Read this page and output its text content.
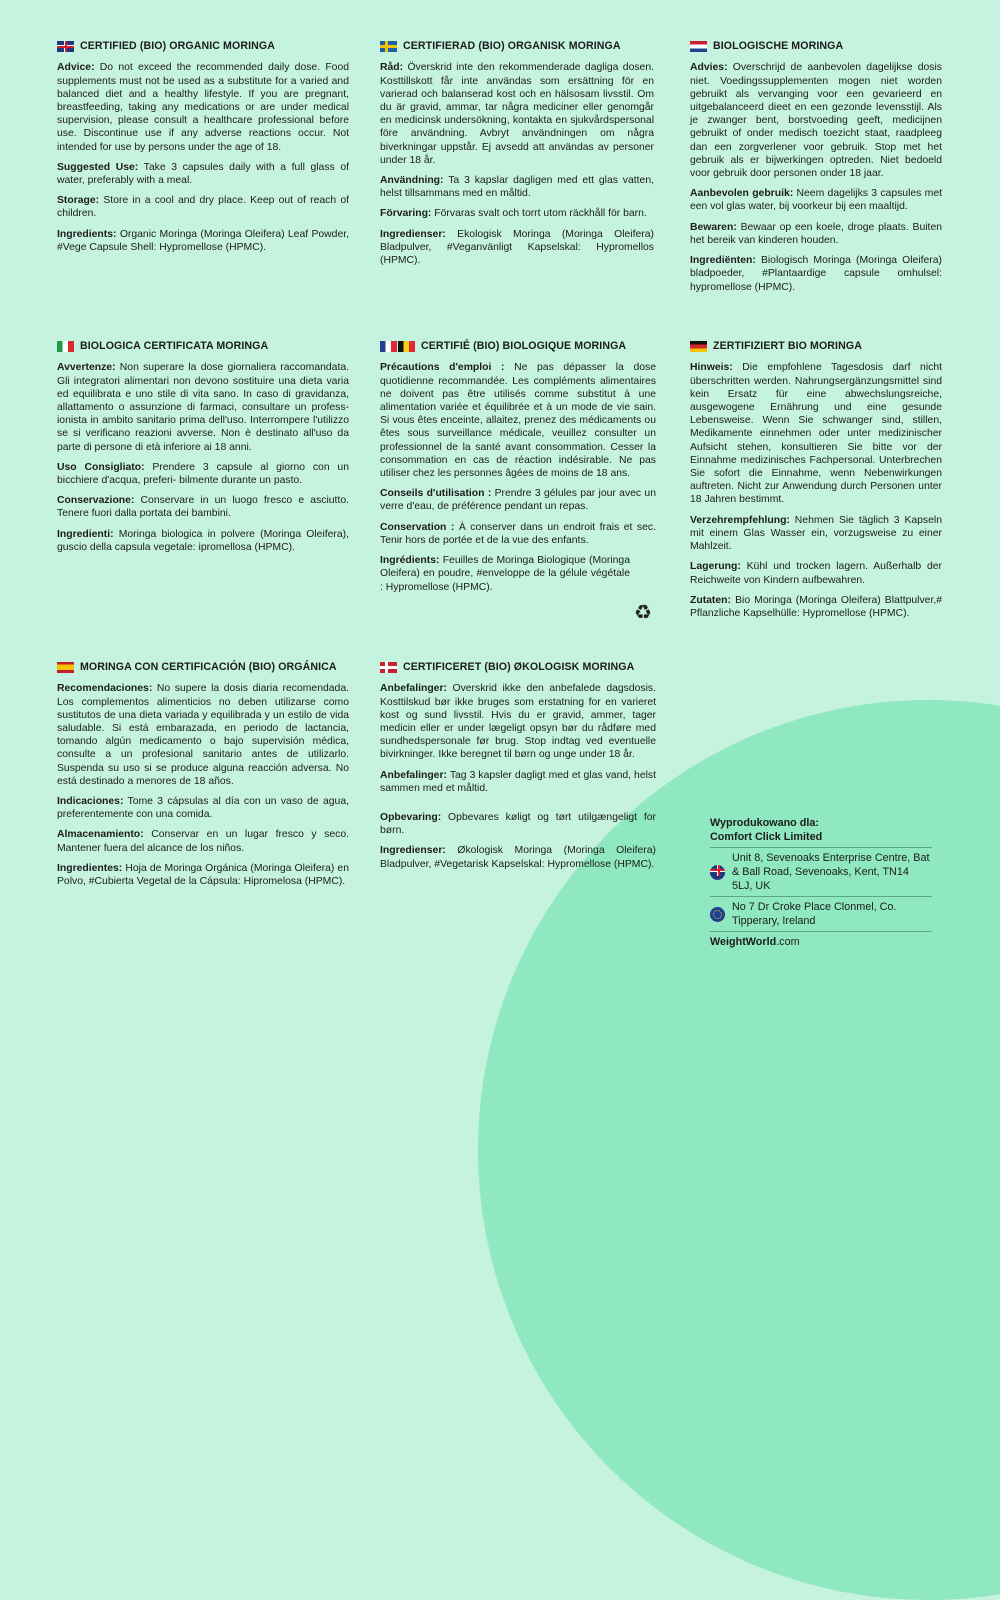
CERTIFIED (BIO) ORGANIC MORINGA

Advice: Do not exceed the recommended daily dose. Food supplements must not be used as a substitute for a varied and balanced diet and a healthy lifestyle. If you are pregnant, breastfeeding, taking any medications or are under medical supervision, please consult a healthcare professional before use. Discontinue use if any adverse reactions occur. Not intended for use by persons under the age of 18.

Suggested Use: Take 3 capsules daily with a full glass of water, preferably with a meal.

Storage: Store in a cool and dry place. Keep out of reach of children.

Ingredients: Organic Moringa (Moringa Oleifera) Leaf Powder, #Vege Capsule Shell: Hypromellose (HPMC).

CERTIFIERAD (BIO) ORGANISK MORINGA

Råd: Överskrid inte den rekommenderade dagliga dosen. Kosttillskott får inte användas som ersättning för en varierad och balanserad kost och en hälsosam livsstil. Om du är gravid, ammar, tar några mediciner eller genomgår en medicinsk undersökning, kontakta en sjukvårdspersonal före användning. Avbryt användningen om några biverkningar uppstår. Ej avsedd att användas av personer under 18 år.

Användning: Ta 3 kapslar dagligen med ett glas vatten, helst tillsammans med en måltid.

Förvaring: Förvaras svalt och torrt utom räckhåll för barn.

Ingredienser: Ekologisk Moringa (Moringa Oleifera) Bladpulver, #Veganvänligt Kapselskal: Hypromellos (HPMC).

BIOLOGISCHE MORINGA

Advies: Overschrijd de aanbevolen dagelijkse dosis niet. Voedingssupplementen mogen niet worden gebruikt als vervanging voor een gevarieerd en uitgebalanceerd dieet en een gezonde levensstijl. Als je zwanger bent, borstvoeding geeft, medicijnen gebruikt of onder medisch toezicht staat, raadpleeg dan een zorgverlener voor gebruik. Stop met het gebruik als er bijwerkingen optreden. Niet bedoeld voor gebruik door personen onder 18 jaar.

Aanbevolen gebruik: Neem dagelijks 3 capsules met een vol glas water, bij voorkeur bij een maaltijd.

Bewaren: Bewaar op een koele, droge plaats. Buiten het bereik van kinderen houden.

Ingrediënten: Biologisch Moringa (Moringa Oleifera) bladpoeder, #Plantaardige capsule omhulsel: hypromellose (HPMC).

BIOLOGICA CERTIFICATA MORINGA

Avvertenze: Non superare la dose giornaliera raccomandata. Gli integratori alimentari non devono sostituire una dieta varia ed equilibrata e uno stile di vita sano. In caso di gravidanza, allattamento o assunzione di farmaci, consultare un profess- ionista in ambito sanitario prima dell'uso. Interrompere l'utilizzo se si verificano reazioni avverse. Non è destinato all'uso da parte di persone di età inferiore ai 18 anni.

Uso Consigliato: Prendere 3 capsule al giorno con un bicchiere d'acqua, preferi- bilmente durante un pasto.

Conservazione: Conservare in un luogo fresco e asciutto. Tenere fuori dalla portata dei bambini.

Ingredienti: Moringa biologica in polvere (Moringa Oleifera), guscio della capsula vegetale: ipromellosa (HPMC).

CERTIFIÉ (BIO) BIOLOGIQUE MORINGA

Précautions d'emploi : Ne pas dépasser la dose quotidienne recommandée. Les compléments alimentaires ne doivent pas être utilisés comme substitut à une alimentation variée et équilibrée et à un mode de vie sain. Si vous êtes enceinte, allaitez, prenez des médicaments ou êtes sous surveillance médicale, veuillez consulter un professionnel de la santé avant consommation. Cesser la consommation en cas de réaction indésirable. Ne pas utiliser chez les personnes âgées de moins de 18 ans.

Conseils d'utilisation : Prendre 3 gélules par jour avec un verre d'eau, de préférence pendant un repas.

Conservation : À conserver dans un endroit frais et sec. Tenir hors de portée et de la vue des enfants.

Ingrédients: Feuilles de Moringa Biologique (Moringa Oleifera) en poudre, #enveloppe de la gélule végétale : Hypromellose (HPMC).

♻
ZERTIFIZIERT BIO MORINGA

Hinweis: Die empfohlene Tagesdosis darf nicht überschritten werden. Nahrungsergänzungsmittel sind kein Ersatz für eine abwechslungsreiche, ausgewogene Ernährung und eine gesunde Lebensweise. Wenn Sie schwanger sind, stillen, Medikamente einnehmen oder unter medizinischer Aufsicht stehen, konsultieren Sie bitte vor der Einnahme medizinisches Fachpersonal. Unterbrechen Sie sofort die Einnahme, wenn Nebenwirkungen auftreten. Nicht zur Anwendung durch Personen unter 18 Jahren bestimmt.

Verzehrempfehlung: Nehmen Sie täglich 3 Kapseln mit einem Glas Wasser ein, vorzugsweise zu einer Mahlzeit.

Lagerung: Kühl und trocken lagern. Außerhalb der Reichweite von Kindern aufbewahren.

Zutaten: Bio Moringa (Moringa Oleifera) Blattpulver,# Pflanzliche Kapselhülle: Hypromellose (HPMC).

MORINGA CON CERTIFICACIÓN (BIO) ORGÁNICA

Recomendaciones: No supere la dosis diaria recomendada. Los complementos alimenticios no deben utilizarse como sustitutos de una dieta variada y equilibrada y un estilo de vida saludable. Si está embarazada, en periodo de lactancia, tomando algún medicamento o bajo supervisión médica, consulte a un profesional sanitario antes de utilizarlo. Suspenda su uso si se produce alguna reacción adversa. No está destinado a menores de 18 años.

Indicaciones: Tome 3 cápsulas al día con un vaso de agua, preferentemente con una comida.

Almacenamiento: Conservar en un lugar fresco y seco. Mantener fuera del alcance de los niños.

Ingredientes: Hoja de Moringa Orgánica (Moringa Oleifera) en Polvo, #Cubierta Vegetal de la Cápsula: Hipromelosa (HPMC).

CERTIFICERET (BIO) ØKOLOGISK MORINGA

Anbefalinger: Overskrid ikke den anbefalede dagsdosis. Kosttilskud bør ikke bruges som erstatning for en varieret kost og sund livsstil. Hvis du er gravid, ammer, tager medicin eller er under lægeligt opsyn bør du rådføre med sundhedspersonale før brug. Stop indtag ved eventuelle bivirkninger. Ikke beregnet til børn og unge under 18 år.

Anbefalinger: Tag 3 kapsler dagligt med et glas vand, helst sammen med et måltid.

Opbevaring: Opbevares køligt og tørt utilgængeligt for børn.

Ingredienser: Økologisk Moringa (Moringa Oleifera) Bladpulver, #Vegetarisk Kapselskal: Hypromellose (HPMC).

Wyprodukowano dla:
Comfort Click Limited
Unit 8, Sevenoaks Enterprise Centre, Bat & Ball Road, Sevenoaks, Kent, TN14 5LJ, UK
No 7 Dr Croke Place Clonmel, Co. Tipperary, Ireland
WeightWorld.com
